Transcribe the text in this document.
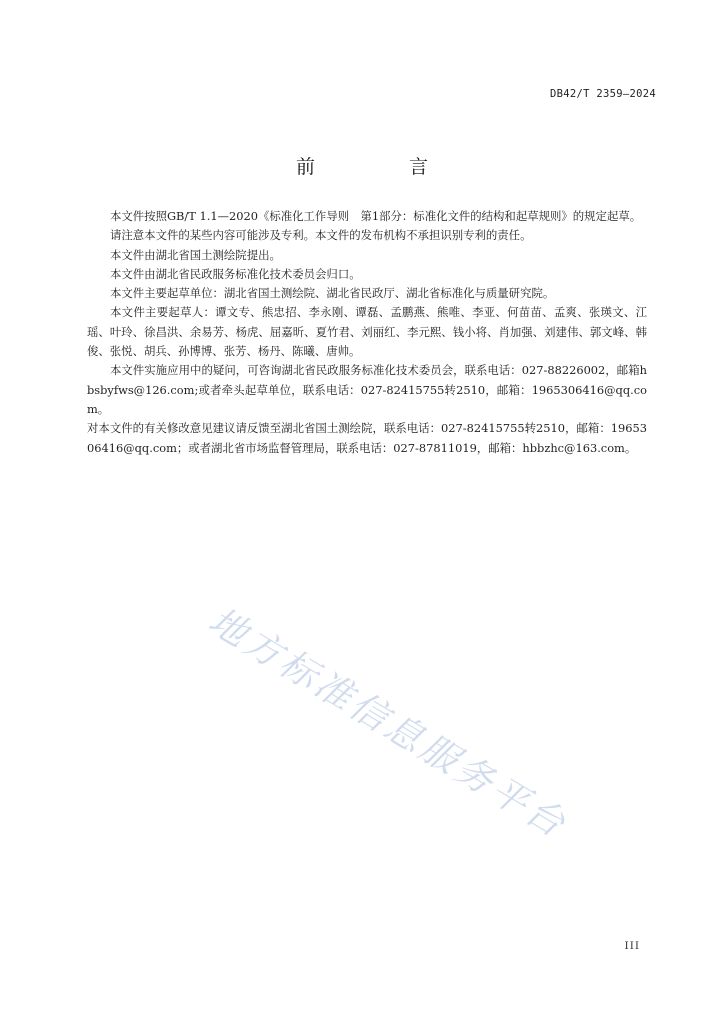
DB42/T 2359—2024
前 言

本文件按照GB/T 1.1—2020《标准化工作导则　第1部分：标准化文件的结构和起草规则》的规定起草。

请注意本文件的某些内容可能涉及专利。本文件的发布机构不承担识别专利的责任。

本文件由湖北省国土测绘院提出。

本文件由湖北省民政服务标准化技术委员会归口。

本文件主要起草单位：湖北省国土测绘院、湖北省民政厅、湖北省标准化与质量研究院。

本文件主要起草人：谭文专、熊忠招、李永刚、谭磊、孟鹏燕、熊唯、李亚、何苗苗、孟爽、张瑛文、江瑶、叶玲、徐昌洪、余易芳、杨虎、屈嘉昕、夏竹君、刘丽红、李元熙、钱小将、肖加强、刘建伟、郭文峰、韩俊、张悦、胡兵、孙博博、张芳、杨丹、陈曦、唐帅。

本文件实施应用中的疑问，可咨询湖北省民政服务标准化技术委员会，联系电话：027-88226002，邮箱hbsbyfws@126.com;或者牵头起草单位，联系电话：027-82415755转2510，邮箱：1965306416@qq.com。

对本文件的有关修改意见建议请反馈至湖北省国土测绘院，联系电话：027-82415755转2510，邮箱：1965306416@qq.com；或者湖北省市场监督管理局，联系电话：027-87811019，邮箱：hbbzhc@163.com。

地方标准信息服务平台
III
